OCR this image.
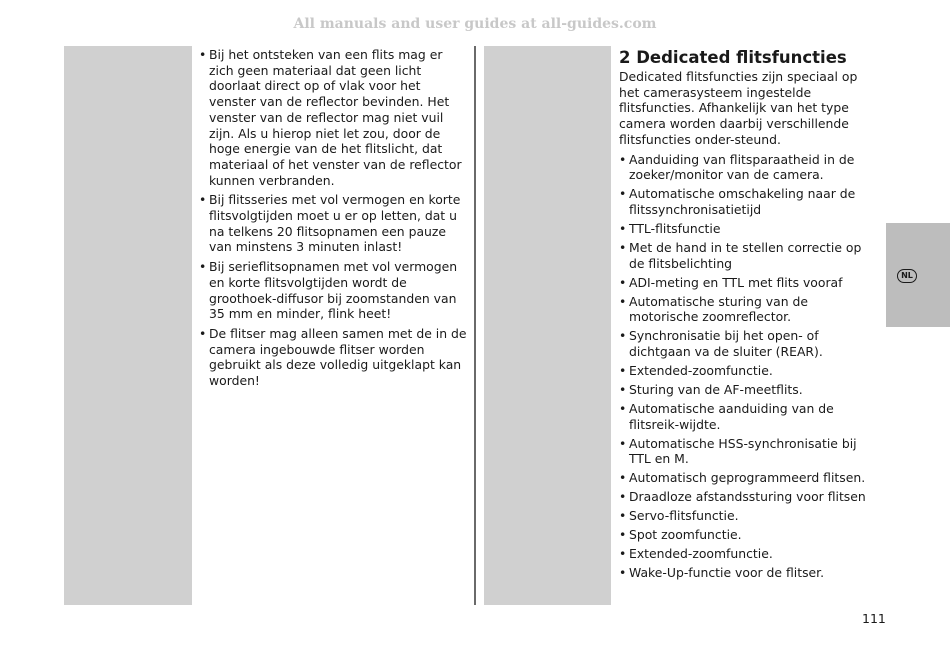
All manuals and user guides at all-guides.com
• Bij het ontsteken van een flits mag er zich geen materiaal dat geen licht doorlaat direct op of vlak voor het venster van de reflector bevinden. Het venster van de reflector mag niet vuil zijn. Als u hierop niet let zou, door de hoge energie van de het flitslicht, dat materiaal of het venster van de reflector kunnen verbranden.
• Bij flitsseries met vol vermogen en korte flitsvolgtijden moet u er op letten, dat u na telkens 20 flitsopnamen een pauze van minstens 3 minuten inlast!
• Bij serieflitsopnamen met vol vermogen en korte flitsvolgtijden wordt de groothoek-diffusor bij zoomstanden van 35 mm en minder, flink heet!
• De flitser mag alleen samen met de in de camera ingebouwde flitser worden gebruikt als deze volledig uitgeklapt kan worden!
2 Dedicated flitsfuncties

Dedicated flitsfuncties zijn speciaal op het camerasysteem ingestelde flitsfuncties. Afhankelijk van het type camera worden daarbij verschillende flitsfuncties onder-steund.

• Aanduiding van flitsparaatheid in de zoeker/monitor van de camera.
• Automatische omschakeling naar de flitssynchronisatietijd
• TTL-flitsfunctie
• Met de hand in te stellen correctie op de flitsbelichting
• ADI-meting en TTL met flits vooraf
• Automatische sturing van de motorische zoomreflector.
• Synchronisatie bij het open- of dichtgaan va de sluiter (REAR).
• Extended-zoomfunctie.
• Sturing van de AF-meetflits.
• Automatische aanduiding van de flitsreik-wijdte.
• Automatische HSS-synchronisatie bij TTL en M.
• Automatisch geprogrammeerd flitsen.
• Draadloze afstandssturing voor flitsen
• Servo-flitsfunctie.
• Spot zoomfunctie.
• Extended-zoomfunctie.
• Wake-Up-functie voor de flitser.
NL
111
